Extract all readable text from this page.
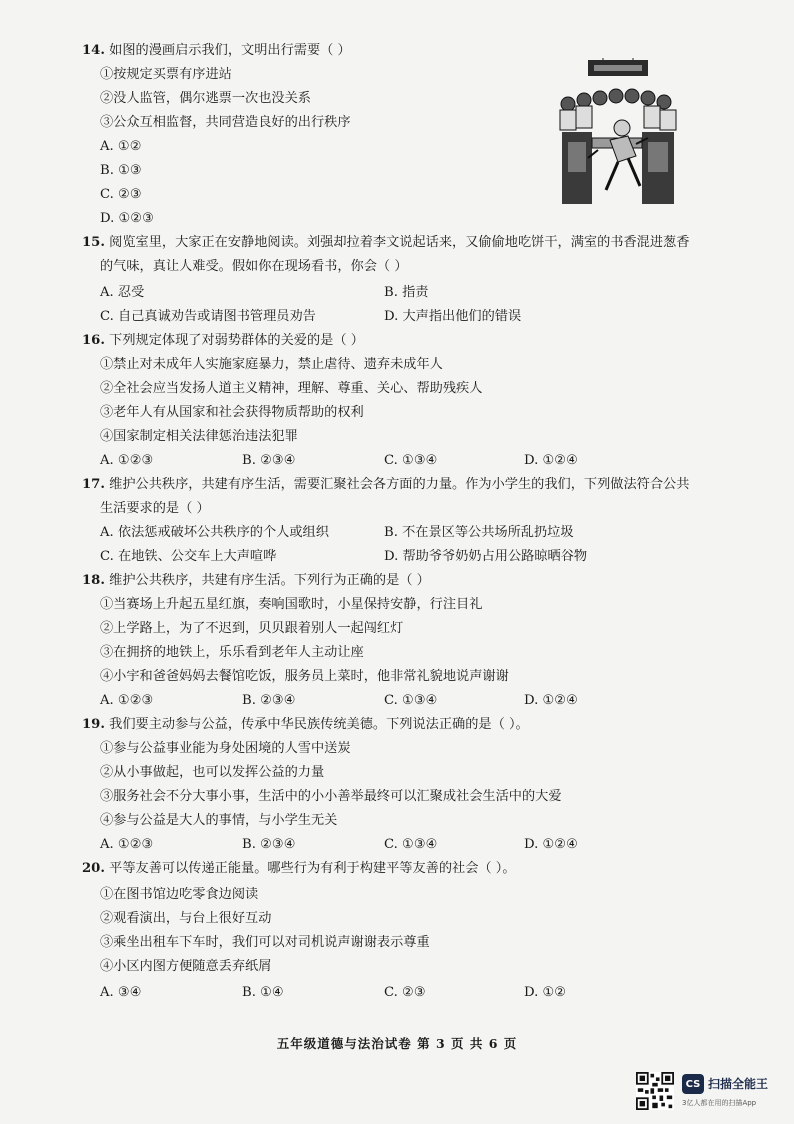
14. 如图的漫画启示我们，文明出行需要（ ）
①按规定买票有序进站
②没人监管，偶尔逃票一次也没关系
③公众互相监督，共同营造良好的出行秩序
A. ①②
B. ①③
C. ②③
D. ①②③
15. 阅览室里，大家正在安静地阅读。刘强却拉着李文说起话来，又偷偷地吃饼干，满室的书香混进葱香
的气味，真让人难受。假如你在现场看书，你会（ ）
A. 忍受	B. 指责
C. 自己真诚劝告或请图书管理员劝告	D. 大声指出他们的错误
16. 下列规定体现了对弱势群体的关爱的是（ ）
①禁止对未成年人实施家庭暴力，禁止虐待、遗弃未成年人
②全社会应当发扬人道主义精神，理解、尊重、关心、帮助残疾人
③老年人有从国家和社会获得物质帮助的权利
④国家制定相关法律惩治违法犯罪
A. ①②③	B. ②③④	C. ①③④	D. ①②④
17. 维护公共秩序，共建有序生活，需要汇聚社会各方面的力量。作为小学生的我们，下列做法符合公共
生活要求的是（ ）
A. 依法惩戒破坏公共秩序的个人或组织	B. 不在景区等公共场所乱扔垃圾
C. 在地铁、公交车上大声喧哗	D. 帮助爷爷奶奶占用公路晾晒谷物
18. 维护公共秩序，共建有序生活。下列行为正确的是（ ）
①当赛场上升起五星红旗，奏响国歌时，小星保持安静，行注目礼
②上学路上，为了不迟到，贝贝跟着别人一起闯红灯
③在拥挤的地铁上，乐乐看到老年人主动让座
④小宇和爸爸妈妈去餐馆吃饭，服务员上菜时，他非常礼貌地说声谢谢
A. ①②③	B. ②③④	C. ①③④	D. ①②④
19. 我们要主动参与公益，传承中华民族传统美德。下列说法正确的是（ ）。
①参与公益事业能为身处困境的人雪中送炭
②从小事做起，也可以发挥公益的力量
③服务社会不分大事小事，生活中的小小善举最终可以汇聚成社会生活中的大爱
④参与公益是大人的事情，与小学生无关
A. ①②③	B. ②③④	C. ①③④	D. ①②④
20. 平等友善可以传递正能量。哪些行为有利于构建平等友善的社会（ ）。
①在图书馆边吃零食边阅读
②观看演出，与台上很好互动
③乘坐出租车下车时，我们可以对司机说声谢谢表示尊重
④小区内图方便随意丢弃纸屑
A. ③④	B. ①④	C. ②③	D. ①②
五年级道德与法治试卷 第 3 页 共 6 页
CS 扫描全能王
3亿人都在用的扫描App
